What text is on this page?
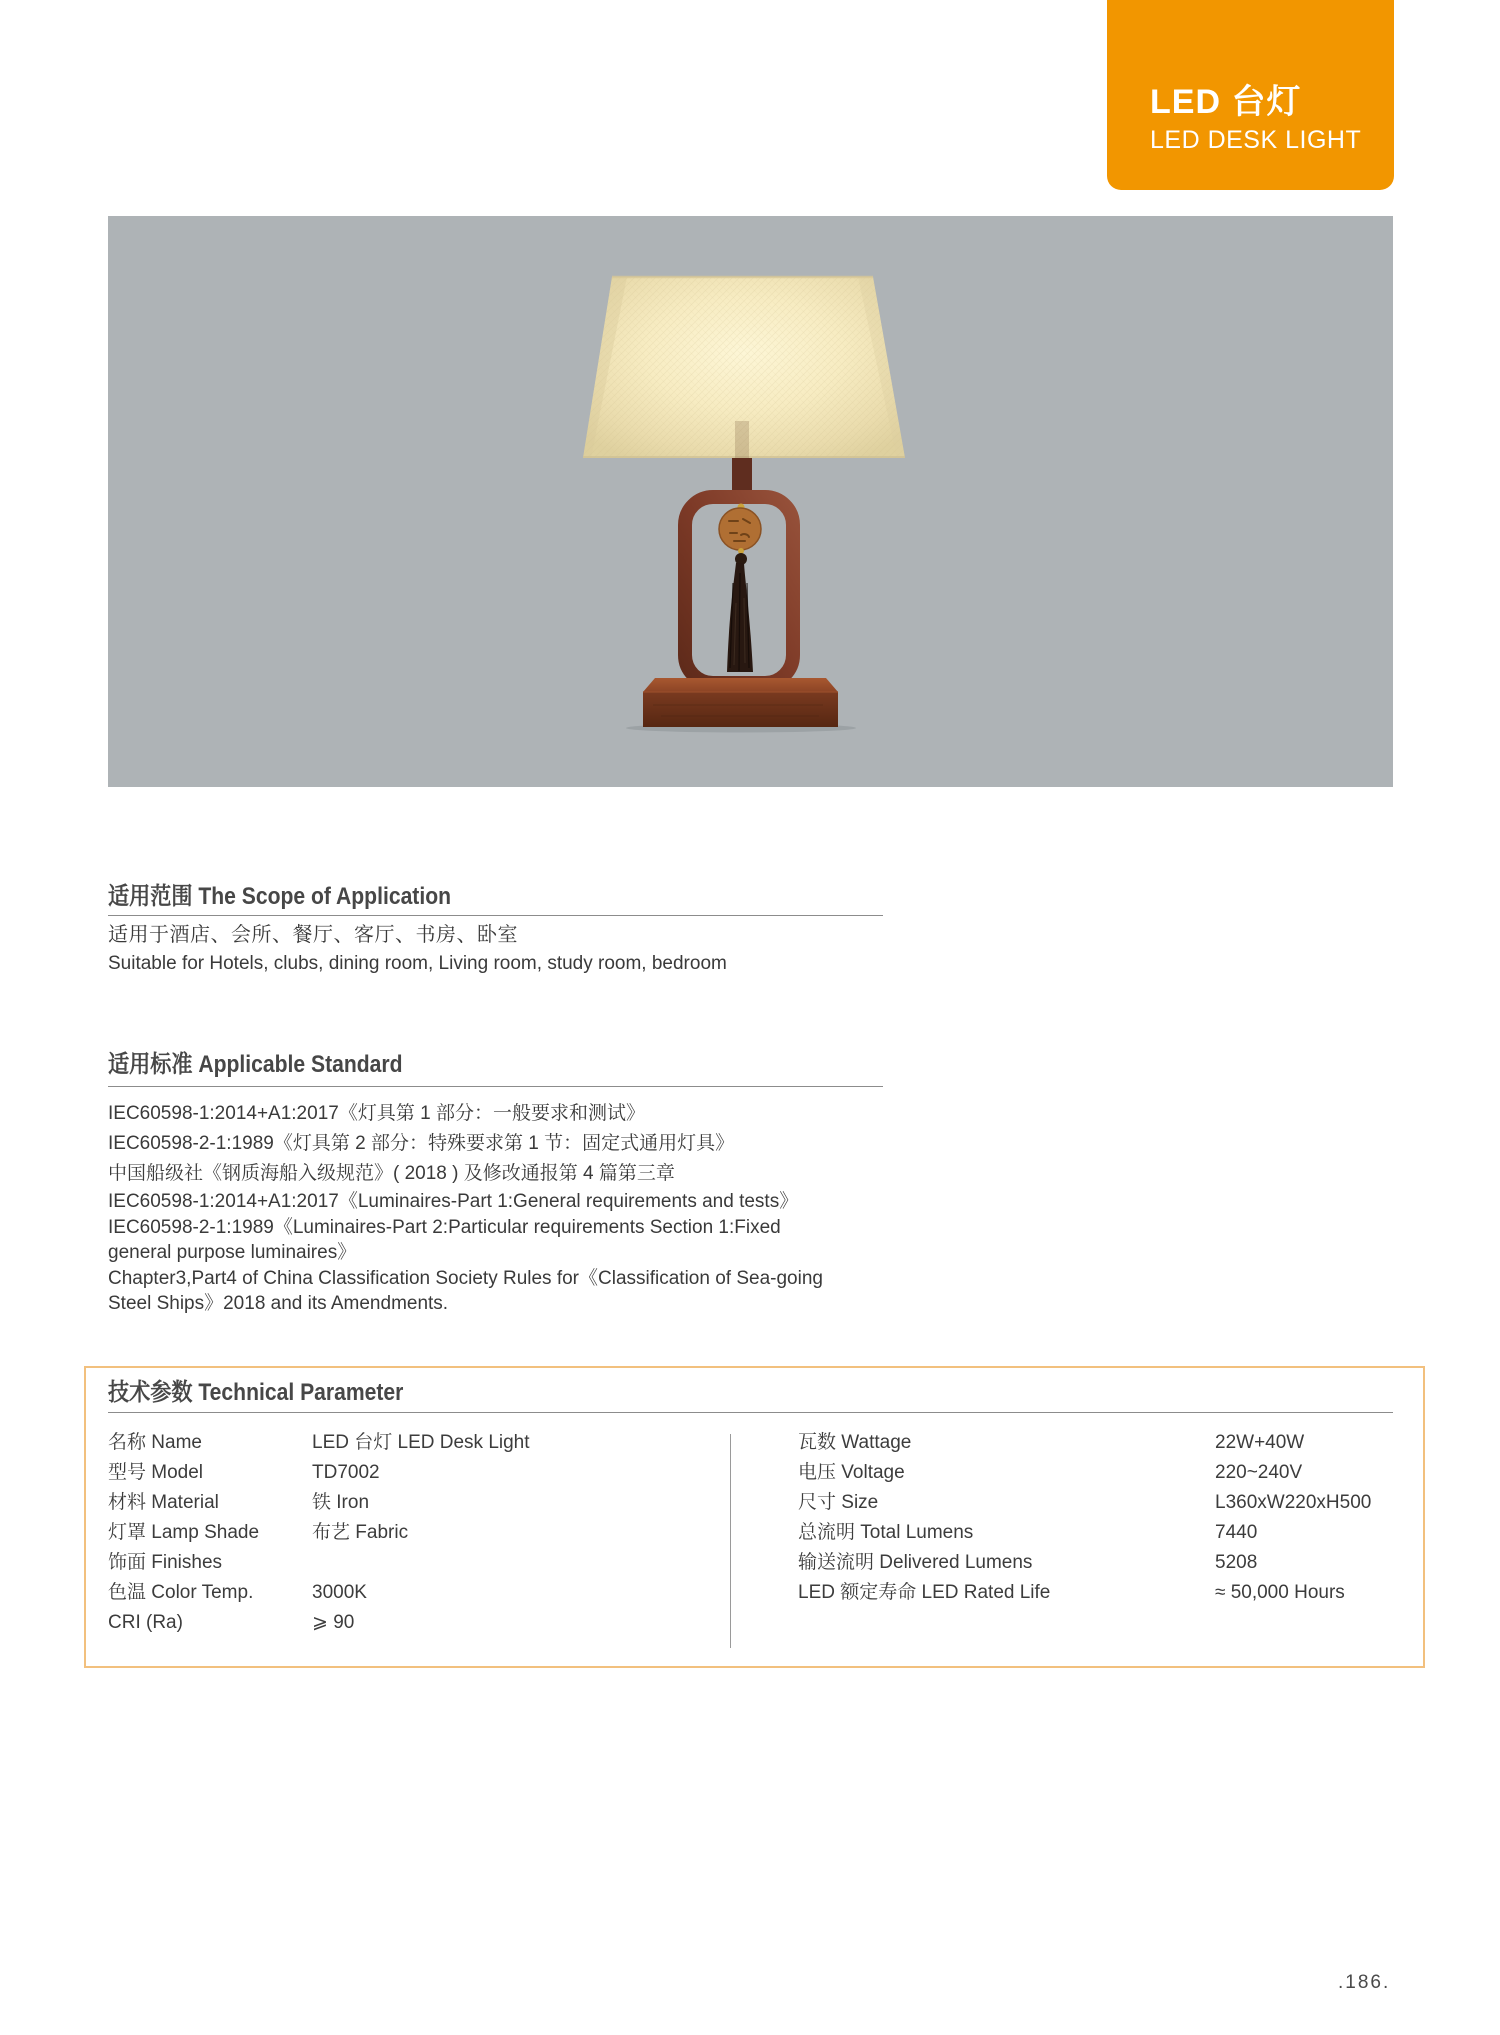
LED 台灯
LED DESK LIGHT
适用范围 The Scope of Application
适用于酒店、会所、餐厅、客厅、书房、卧室
Suitable for Hotels, clubs, dining room, Living room, study room, bedroom
适用标准 Applicable Standard
IEC60598-1:2014+A1:2017《灯具第 1 部分：一般要求和测试》
IEC60598-2-1:1989《灯具第 2 部分：特殊要求第 1 节：固定式通用灯具》
中国船级社《钢质海船入级规范》( 2018 ) 及修改通报第 4 篇第三章
IEC60598-1:2014+A1:2017《Luminaires-Part 1:General requirements and tests》
IEC60598-2-1:1989《Luminaires-Part 2:Particular requirements Section 1:Fixed
general purpose luminaires》
Chapter3,Part4 of China Classification Society Rules for《Classification of Sea-going
Steel Ships》2018 and its Amendments.
技术参数 Technical Parameter
名称 Name	LED 台灯 LED Desk Light
型号 Model	TD7002
材料 Material	铁 Iron
灯罩 Lamp Shade	布艺 Fabric
饰面 Finishes
色温 Color Temp.	3000K
CRI (Ra)	⩾ 90
瓦数 Wattage	22W+40W
电压 Voltage	220~240V
尺寸 Size	L360xW220xH500
总流明 Total Lumens	7440
输送流明 Delivered Lumens	5208
LED 额定寿命 LED Rated Life	≈ 50,000 Hours
.186.
